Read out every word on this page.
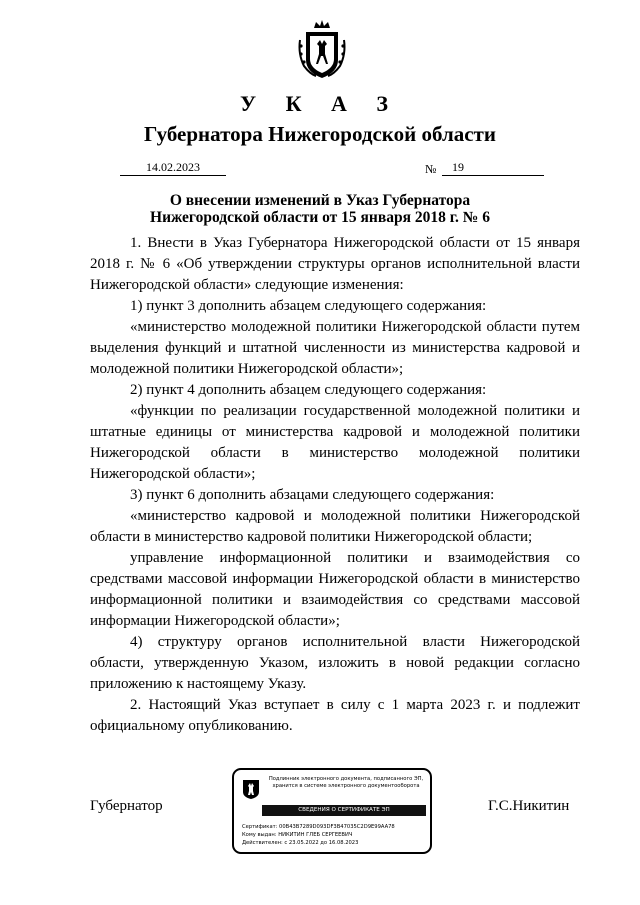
У К А З
Губернатора Нижегородской области
14.02.2023	№	19
О внесении изменений в Указ Губернатора Нижегородской области от 15 января 2018 г. № 6

1. Внести в Указ Губернатора Нижегородской области от 15 января 2018 г. № 6 «Об утверждении структуры органов исполнительной власти Нижегородской области» следующие изменения:

1) пункт 3 дополнить абзацем следующего содержания:

«министерство молодежной политики Нижегородской области путем выделения функций и штатной численности из министерства кадровой и молодежной политики Нижегородской области»;

2) пункт 4 дополнить абзацем следующего содержания:

«функции по реализации государственной молодежной политики и штатные единицы от министерства кадровой и молодежной политики Нижегородской области в министерство молодежной политики Нижегородской области»;

3) пункт 6 дополнить абзацами следующего содержания:

«министерство кадровой и молодежной политики Нижегородской области в министерство кадровой политики Нижегородской области;

управление информационной политики и взаимодействия со средствами массовой информации Нижегородской области в министерство информационной политики и взаимодействия со средствами массовой информации Нижегородской области»;

4) структуру органов исполнительной власти Нижегородской области, утвержденную Указом, изложить в новой редакции согласно приложению к настоящему Указу.

2. Настоящий Указ вступает в силу с 1 марта 2023 г. и подлежит официальному опубликованию.

Губернатор	Г.С.Никитин
Подлинник электронного документа, подписанного ЭП,
хранится в системе электронного документооборота
СВЕДЕНИЯ О СЕРТИФИКАТЕ ЭП
Сертификат: 00B43B7289D093DF3B47035C2D9E99AA78
Кому выдан: НИКИТИН ГЛЕБ СЕРГЕЕВИЧ
Действителен: с 23.05.2022 до 16.08.2023
